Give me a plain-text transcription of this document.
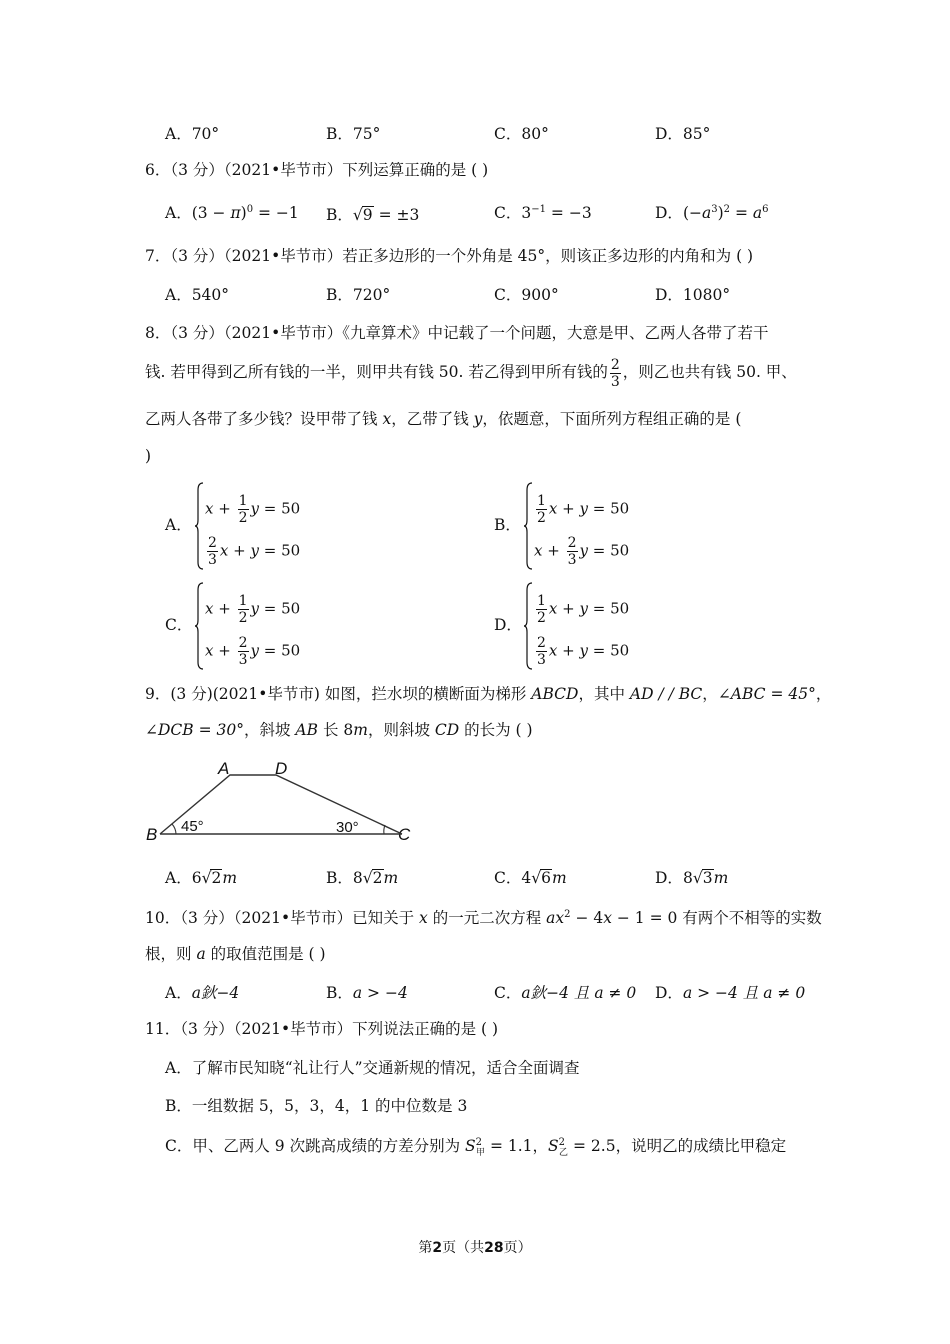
A．70°	B．75°	C．80°	D．85°
6．（3 分）（2021•毕节市）下列运算正确的是 ( )
A．$(3 - \pi)^0 = -1$ B．√9 = ±3	C．$3^{-1} = -3$	D．$(-a^3)^2 = a^6$
7．（3 分）（2021•毕节市）若正多边形的一个外角是 45°，则该正多边形的内角和为 ( )
A．540°	B．720°	C．900°	D．1080°
8．（3 分）（2021•毕节市）《九章算术》中记载了一个问题，大意是甲、乙两人各带了若干
钱. 若甲得到乙所有钱的一半，则甲共有钱 50. 若乙得到甲所有钱的 $\frac{2}{3}$ ，则乙也共有钱 50. 甲、
乙两人各带了多少钱？设甲带了钱 x，乙带了钱 y，依题意，下面所列方程组正确的是 (
)
A．
$x + \frac{1}{2}$ y = 50
$\frac{2}{3}$ x + y = 50
B． $\frac{1}{2}$ x + y = 50
$x + \frac{2}{3}$ y = 50
C．
$x + \frac{1}{2}$ y = 50
$x + \frac{2}{3}$ y = 50
D． $\frac{1}{2}$ x + y = 50
$\frac{2}{3}$ x + y = 50
9．(3 分)(2021•毕节市) 如图，拦水坝的横断面为梯形 ABCD，其中 AD / / BC，∠ABC = 45°，
∠DCB = 30°，斜坡 AB 长 8m，则斜坡 CD 的长为 ( )
A	D
B	C
45°	30°
A．6√2m	B．8√2m	C．4√6m	D．8√3m
10．（3 分）（2021•毕节市）已知关于 x 的一元二次方程 $ax^2 - 4x - 1 = 0$ 有两个不相等的实数
根，则 a 的取值范围是 ( )
A．a鈥−4	B．a > −4	C．a鈥−4 且 a ≠ 0 D．a > −4 且 a ≠ 0
11．（3 分）（2021•毕节市）下列说法正确的是 ( )
A．了解市民知晓“礼让行人”交通新规的情况，适合全面调查
B．一组数据 5，5，3，4，1 的中位数是 3
C．甲、乙两人 9 次跳高成绩的方差分别为 $S^2_甲 = 1.1$，$S^2_乙 = 2.5$，说明乙的成绩比甲稳定
第2页（共28页）
